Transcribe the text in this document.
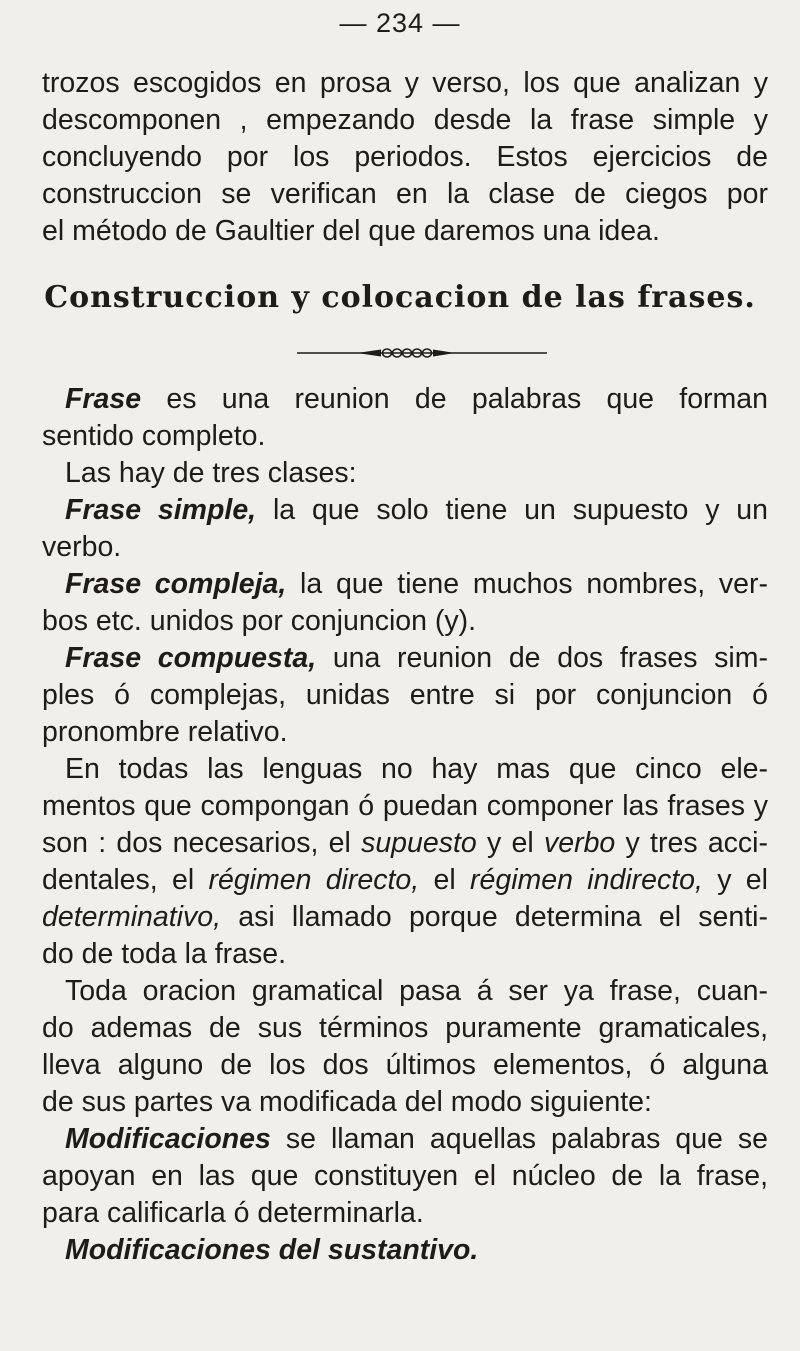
— 234 —
trozos escogidos en prosa y verso, los que analizan y
descomponen , empezando desde la frase simple y
concluyendo por los periodos. Estos ejercicios de
construccion se verifican en la clase de ciegos por
el método de Gaultier del que daremos una idea.
Construccion y colocacion de las frases.
Frase es una reunion de palabras que forman
sentido completo.
Las hay de tres clases:
Frase simple, la que solo tiene un supuesto y un
verbo.
Frase compleja, la que tiene muchos nombres, ver-
bos etc. unidos por conjuncion (y).
Frase compuesta, una reunion de dos frases sim-
ples ó complejas, unidas entre si por conjuncion ó
pronombre relativo.
En todas las lenguas no hay mas que cinco ele-
mentos que compongan ó puedan componer las frases y
son : dos necesarios, el supuesto y el verbo y tres acci-
dentales, el régimen directo, el régimen indirecto, y el
determinativo, asi llamado porque determina el senti-
do de toda la frase.
Toda oracion gramatical pasa á ser ya frase, cuan-
do ademas de sus términos puramente gramaticales,
lleva alguno de los dos últimos elementos, ó alguna
de sus partes va modificada del modo siguiente:
Modificaciones se llaman aquellas palabras que se
apoyan en las que constituyen el núcleo de la frase,
para calificarla ó determinarla.
Modificaciones del sustantivo.
